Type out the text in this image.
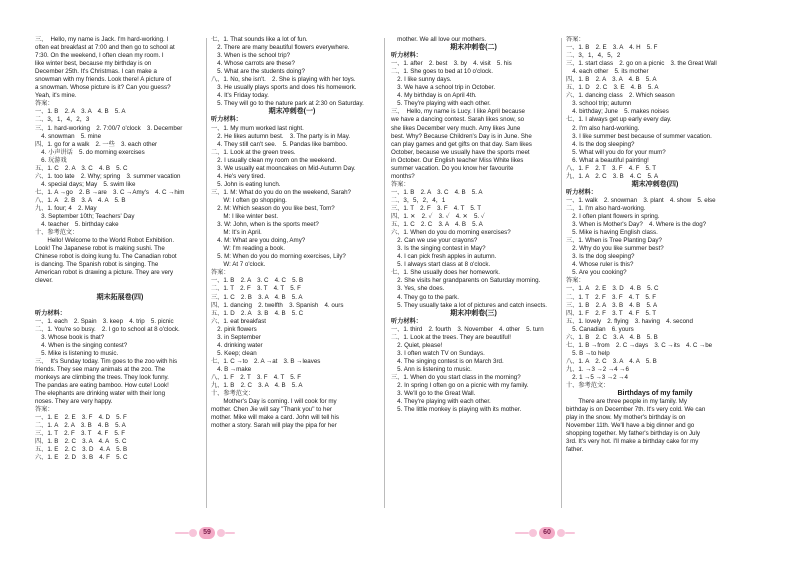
三、　Hello, my name is Jack. I'm hard-working. I
often eat breakfast at 7:00 and then go to school at
7:30. On the weekend, I often clean my room. I
like winter best, because my birthday is on
December 25th. It's Christmas. I can make a
snowman with my friends. Look there! A picture of
a snowman. Whose picture is it? Can you guess?
Yeah, it's mine.
答案：
一、1. B　2. A　3. A　4. B　5. A
二、3，1，4，2，3
三、1. hard-working　2. 7:00/7 o'clock　3. December
　4. snowman　5. mine
四、1. go for a walk　2. 一些　3. each other
　4. 小声讲话　5. do morning exercises
　6. 玩游戏
五、1. C　2. A　3. C　4. B　5. C
六、1. too late　2. Why; spring　3. summer vacation
　4. special days; May　5. swim like
七、1. A →go　2. B →are　3. C →Amy's　4. C →him
八、1. A　2. B　3. A　4. A　5. B
九、1. four; 4　2. May
　3. September 10th; Teachers' Day
　4. teacher　5. birthday cake
十、参考范文：
　　Hello! Welcome to the World Robot Exhibition.
Look! The Japanese robot is making sushi. The
Chinese robot is doing kung fu. The Canadian robot
is dancing. The Spanish robot is singing. The
American robot is drawing a picture. They are very
clever.
期末拓展卷(四)
听力材料：
一、1. each　2. Spain　3. keep　4. trip　5. picnic
二、1. You're so busy.　2. I go to school at 8 o'clock.
　3. Whose book is that?
　4. When is the singing contest?
　5. Mike is listening to music.
三、　It's Sunday today. Tim goes to the zoo with his
friends. They see many animals at the zoo. The
monkeys are climbing the trees. They look funny.
The pandas are eating bamboo. How cute! Look!
The elephants are drinking water with their long
noses. They are very happy.
答案：
一、1. E　2. E　3. F　4. D　5. F
二、1. A　2. A　3. B　4. B　5. A
三、1. T　2. F　3. T　4. F　5. F
四、1. B　2. C　3. A　4. A　5. C
五、1. E　2. C　3. D　4. A　5. B
六、1. E　2. D　3. B　4. F　5. C
七、1. That sounds like a lot of fun.
　2. There are many beautiful flowers everywhere.
　3. When is the school trip?
　4. Whose carrots are these?
　5. What are the students doing?
八、1. No, she isn't.　2. She is playing with her toys.
　3. He usually plays sports and does his homework.
　4. It's Friday today.
　5. They will go to the nature park at 2:30 on Saturday.
期末冲刺卷(一)
听力材料：
一、1. My mum worked last night.
　2. He likes autumn best.　3. The party is in May.
　4. They still can't see.　5. Pandas like bamboo.
二、1. Look at the green trees.
　2. I usually clean my room on the weekend.
　3. We usually eat mooncakes on Mid-Autumn Day.
　4. He's very tired.
　5. John is eating lunch.
三、1. M: What do you do on the weekend, Sarah?
　　W: I often go shopping.
　2. M: Which season do you like best, Tom?
　　M: I like winter best.
　3. W: John, when is the sports meet?
　　M: It's in April.
　4. M: What are you doing, Amy?
　　W: I'm reading a book.
　5. M: When do you do morning exercises, Lily?
　　W: At 7 o'clock.
答案：
一、1. B　2. A　3. C　4. C　5. B
二、1. T　2. F　3. T　4. T　5. F
三、1. C　2. B　3. A　4. B　5. A
四、1. dancing　2. twelfth　3. Spanish　4. ours
五、1. D　2. A　3. B　4. B　5. C
六、1. eat breakfast
　2. pink flowers
　3. in September
　4. drinking water
　5. Keep; clean
七、1. C →to　2. A →at　3. B →leaves
　4. B →make
八、1. F　2. T　3. F　4. T　5. F
九、1. B　2. C　3. A　4. B　5. A
十、参考范文：
　　Mother's Day is coming. I will cook for my
mother. Chen Jie will say "Thank you" to her
mother. Mike will make a card. John will tell his
mother a story. Sarah will play the pipa for her
　mother. We all love our mothers.
期末冲刺卷(二)
听力材料：
一、1. after　2. best　3. by　4. visit　5. his
二、1. She goes to bed at 10 o'clock.
　2. I like sunny days.
　3. We have a school trip in October.
　4. My birthday is on April 4th.
　5. They're playing with each other.
三、　Hello, my name is Lucy. I like April because
we have a dancing contest. Sarah likes snow, so
she likes December very much. Amy likes June
best. Why? Because Children's Day is in June. She
can play games and get gifts on that day. Sam likes
October, because we usually have the sports meet
in October. Our English teacher Miss White likes
summer vacation. Do you know her favourite
months?
答案：
一、1. B　2. A　3. C　4. B　5. A
二、3，5，2，4，1
三、1. T　2. F　3. F　4. T　5. T
四、1. ✕　2. ✓　3. ✓　4. ✕　5. ✓
五、1. C　2. C　3. A　4. B　5. A
六、1. When do you do morning exercises?
　2. Can we use your crayons?
　3. Is the singing contest in May?
　4. I can pick fresh apples in autumn.
　5. I always start class at 8 o'clock.
七、1. She usually does her homework.
　2. She visits her grandparents on Saturday morning.
　3. Yes, she does.
　4. They go to the park.
　5. They usually take a lot of pictures and catch insects.
期末冲刺卷(三)
听力材料：
一、1. third　2. fourth　3. November　4. other　5. turn
二、1. Look at the trees. They are beautiful!
　2. Quiet, please!
　3. I often watch TV on Sundays.
　4. The singing contest is on March 3rd.
　5. Ann is listening to music.
三、1. When do you start class in the morning?
　2. In spring I often go on a picnic with my family.
　3. We'll go to the Great Wall.
　4. They're playing with each other.
　5. The little monkey is playing with its mother.
答案：
一、1. B　2. E　3. A　4. H　5. F
二、3，1，4，5，2
三、1. start class　2. go on a picnic　3. the Great Wall
　4. each other　5. its mother
四、1. B　2. A　3. A　4. B　5. A
五、1. D　2. C　3. E　4. B　5. A
六、1. dancing class　2. Which season
　3. school trip; autumn
　4. birthday; June　5. makes noises
七、1. I always get up early every day.
　2. I'm also hard-working.
　3. I like summer best because of summer vacation.
　4. Is the dog sleeping?
　5. What will you do for your mum?
　6. What a beautiful painting!
八、1. F　2. T　3. F　4. F　5. T
九、1. A　2. C　3. B　4. C　5. A
期末冲刺卷(四)
听力材料：
一、1. walk　2. snowman　3. plant　4. show　5. else
二、1. I'm also hard-working.
　2. I often plant flowers in spring.
　3. When is Mother's Day?　4. Where is the dog?
　5. Mike is having English class.
三、1. When is Tree Planting Day?
　2. Why do you like summer best?
　3. Is the dog sleeping?
　4. Whose ruler is this?
　5. Are you cooking?
答案：
一、1. A　2. E　3. D　4. B　5. C
二、1. T　2. F　3. F　4. T　5. F
三、1. B　2. A　3. B　4. B　5. A
四、1. F　2. F　3. T　4. F　5. T
五、1. lovely　2. flying　3. having　4. second
　5. Canadian　6. yours
六、1. B　2. C　3. A　4. B　5. B
七、1. B →from　2. C →days　3. C →its　4. C →be
　5. B →to help
八、1. A　2. C　3. A　4. A　5. B
九、1. →3 →2 →4 →6
　2. 1 →5 →3 →2 →4
十、参考范文：
Birthdays of my family
　　There are three people in my family. My
birthday is on December 7th. It's very cold. We can
play in the snow. My mother's birthday is on
November 11th. We'll have a big dinner and go
shopping together. My father's birthday is on July
3rd. It's very hot. I'll make a birthday cake for my
father.
59	60
